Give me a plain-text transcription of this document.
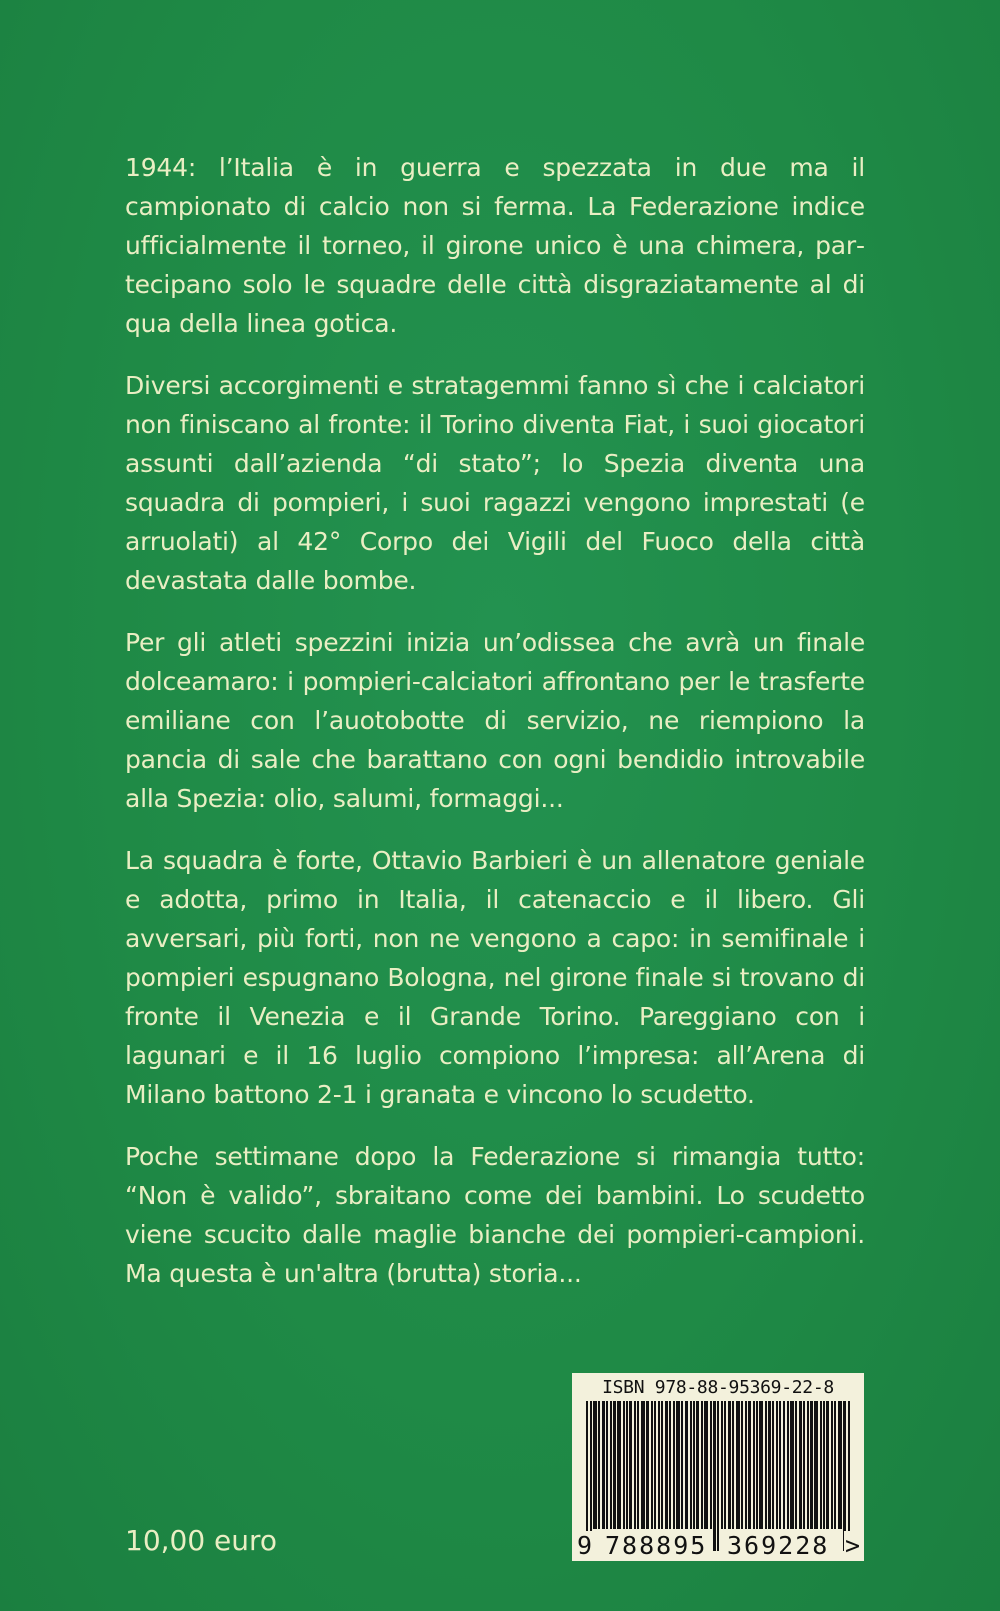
1944: l’Italia è in guerra e spezzata in due ma il campionato di calcio non si ferma. La Federazione indice ufficialmente il torneo, il girone unico è una chimera, partecipano solo le squadre delle città disgraziatamente al di qua della linea gotica.

Diversi accorgimenti e stratagemmi fanno sì che i calciatori non finiscano al fronte: il Torino diventa Fiat, i suoi giocatori assunti dall’azienda “di stato”; lo Spezia diventa una squadra di pompieri, i suoi ragazzi vengono imprestati (e arruolati) al 42° Corpo dei Vigili del Fuoco della città devastata dalle bombe.

Per gli atleti spezzini inizia un’odissea che avrà un finale dolceamaro: i pompieri-calciatori affrontano per le trasferte emiliane con l’auotobotte di servizio, ne riempiono la pancia di sale che barattano con ogni bendidio introvabile alla Spezia: olio, salumi, formaggi...

La squadra è forte, Ottavio Barbieri è un allenatore geniale e adotta, primo in Italia, il catenaccio e il libero. Gli avversari, più forti, non ne vengono a capo: in semifinale i pompieri espugnano Bologna, nel girone finale si trovano di fronte il Venezia e il Grande Torino. Pareggiano con i lagunari e il 16 luglio compiono l’impresa: all’Arena di Milano battono 2-1 i granata e vincono lo scudetto.

Poche settimane dopo la Federazione si rimangia tutto: “Non è valido”, sbraitano come dei bambini. Lo scudetto viene scucito dalle maglie bianche dei pompieri-campioni. Ma questa è un'altra (brutta) storia...

10,00 euro
ISBN 978-88-95369-22-8
9 788895 369228 >
